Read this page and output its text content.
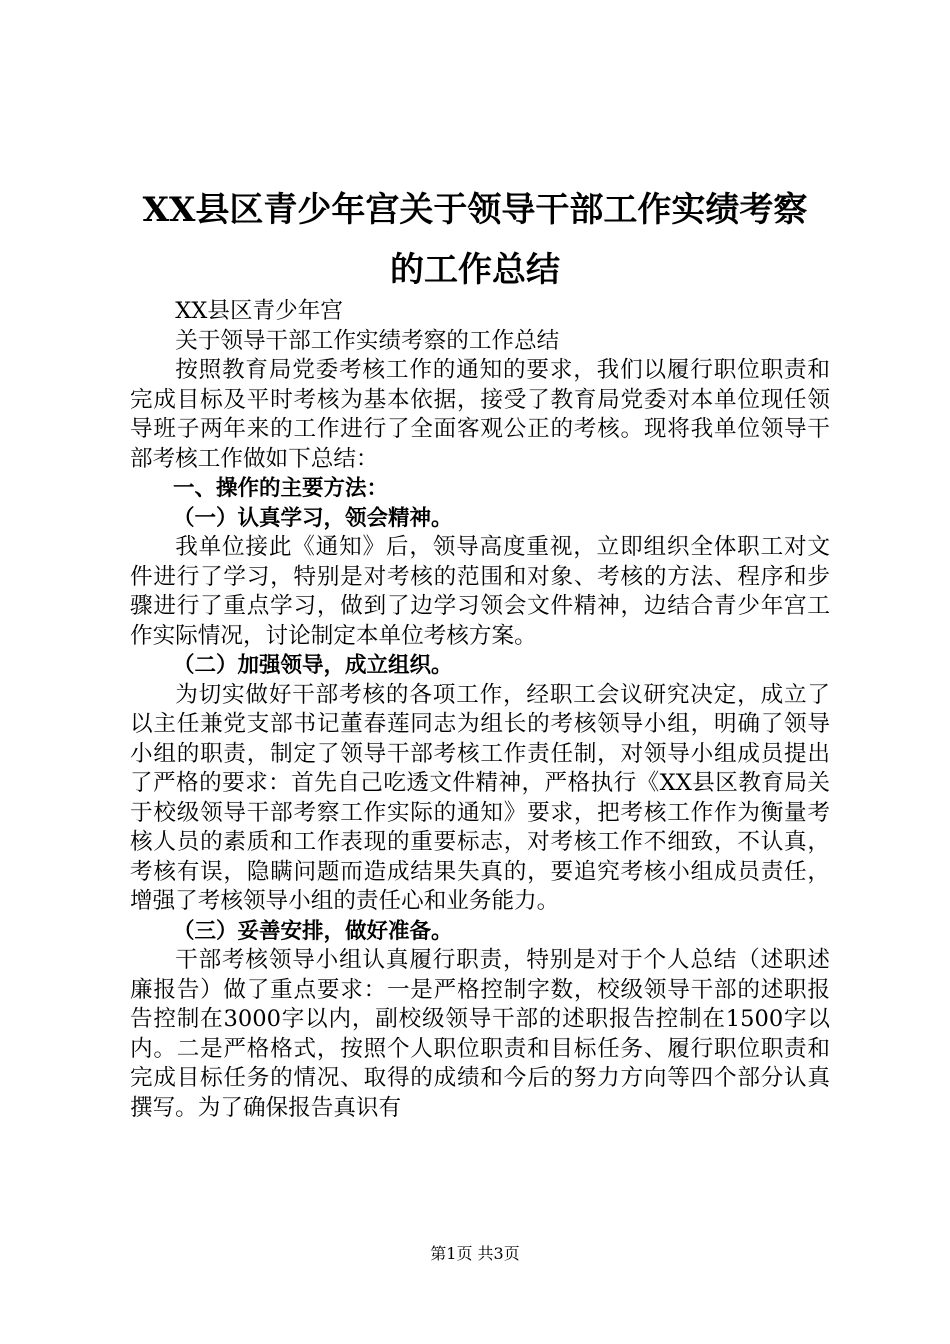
XX县区青少年宫关于领导干部工作实绩考察
的工作总结

XX县区青少年宫

关于领导干部工作实绩考察的工作总结

按照教育局党委考核工作的通知的要求，我们以履行职位职责和完成目标及平时考核为基本依据，接受了教育局党委对本单位现任领导班子两年来的工作进行了全面客观公正的考核。现将我单位领导干部考核工作做如下总结：

一、操作的主要方法：

（一）认真学习，领会精神。

我单位接此《通知》后，领导高度重视，立即组织全体职工对文件进行了学习，特别是对考核的范围和对象、考核的方法、程序和步骤进行了重点学习，做到了边学习领会文件精神，边结合青少年宫工作实际情况，讨论制定本单位考核方案。

（二）加强领导，成立组织。

为切实做好干部考核的各项工作，经职工会议研究决定，成立了以主任兼党支部书记董春莲同志为组长的考核领导小组，明确了领导小组的职责，制定了领导干部考核工作责任制，对领导小组成员提出了严格的要求：首先自己吃透文件精神，严格执行《XX县区教育局关于校级领导干部考察工作实际的通知》要求，把考核工作作为衡量考核人员的素质和工作表现的重要标志，对考核工作不细致，不认真，考核有误，隐瞒问题而造成结果失真的，要追究考核小组成员责任，增强了考核领导小组的责任心和业务能力。

（三）妥善安排，做好准备。

干部考核领导小组认真履行职责，特别是对于个人总结（述职述廉报告）做了重点要求：一是严格控制字数，校级领导干部的述职报告控制在3000字以内，副校级领导干部的述职报告控制在1500字以内。二是严格格式，按照个人职位职责和目标任务、履行职位职责和完成目标任务的情况、取得的成绩和今后的努力方向等四个部分认真撰写。为了确保报告真识有

第1页 共3页
